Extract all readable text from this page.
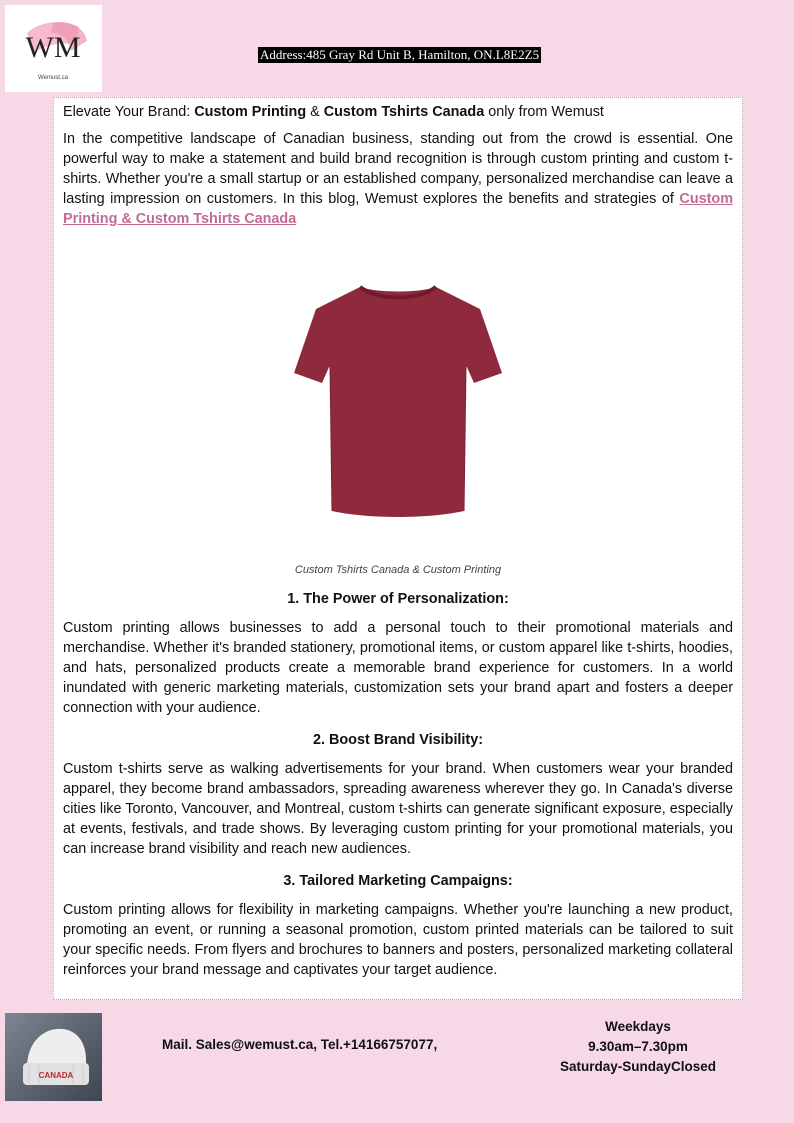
WM
Wemust.ca
Address:485 Gray Rd Unit B, Hamilton, ON.L8E2Z5
Elevate Your Brand: Custom Printing & Custom Tshirts Canada only from Wemust

In the competitive landscape of Canadian business, standing out from the crowd is essential. One powerful way to make a statement and build brand recognition is through custom printing and custom t-shirts. Whether you're a small startup or an established company, personalized merchandise can leave a lasting impression on customers. In this blog, Wemust explores the benefits and strategies of Custom Printing & Custom Tshirts Canada

Custom Tshirts Canada & Custom Printing
1. The Power of Personalization:

Custom printing allows businesses to add a personal touch to their promotional materials and merchandise. Whether it's branded stationery, promotional items, or custom apparel like t-shirts, hoodies, and hats, personalized products create a memorable brand experience for customers. In a world inundated with generic marketing materials, customization sets your brand apart and fosters a deeper connection with your audience.

2. Boost Brand Visibility:

Custom t-shirts serve as walking advertisements for your brand. When customers wear your branded apparel, they become brand ambassadors, spreading awareness wherever they go. In Canada's diverse cities like Toronto, Vancouver, and Montreal, custom t-shirts can generate significant exposure, especially at events, festivals, and trade shows. By leveraging custom printing for your promotional materials, you can increase brand visibility and reach new audiences.

3. Tailored Marketing Campaigns:

Custom printing allows for flexibility in marketing campaigns. Whether you're launching a new product, promoting an event, or running a seasonal promotion, custom printed materials can be tailored to suit your specific needs. From flyers and brochures to banners and posters, personalized marketing collateral reinforces your brand message and captivates your target audience.

CANADA
Mail. Sales@wemust.ca, Tel.+14166757077,
Weekdays
9.30am–7.30pm
Saturday-SundayClosed
